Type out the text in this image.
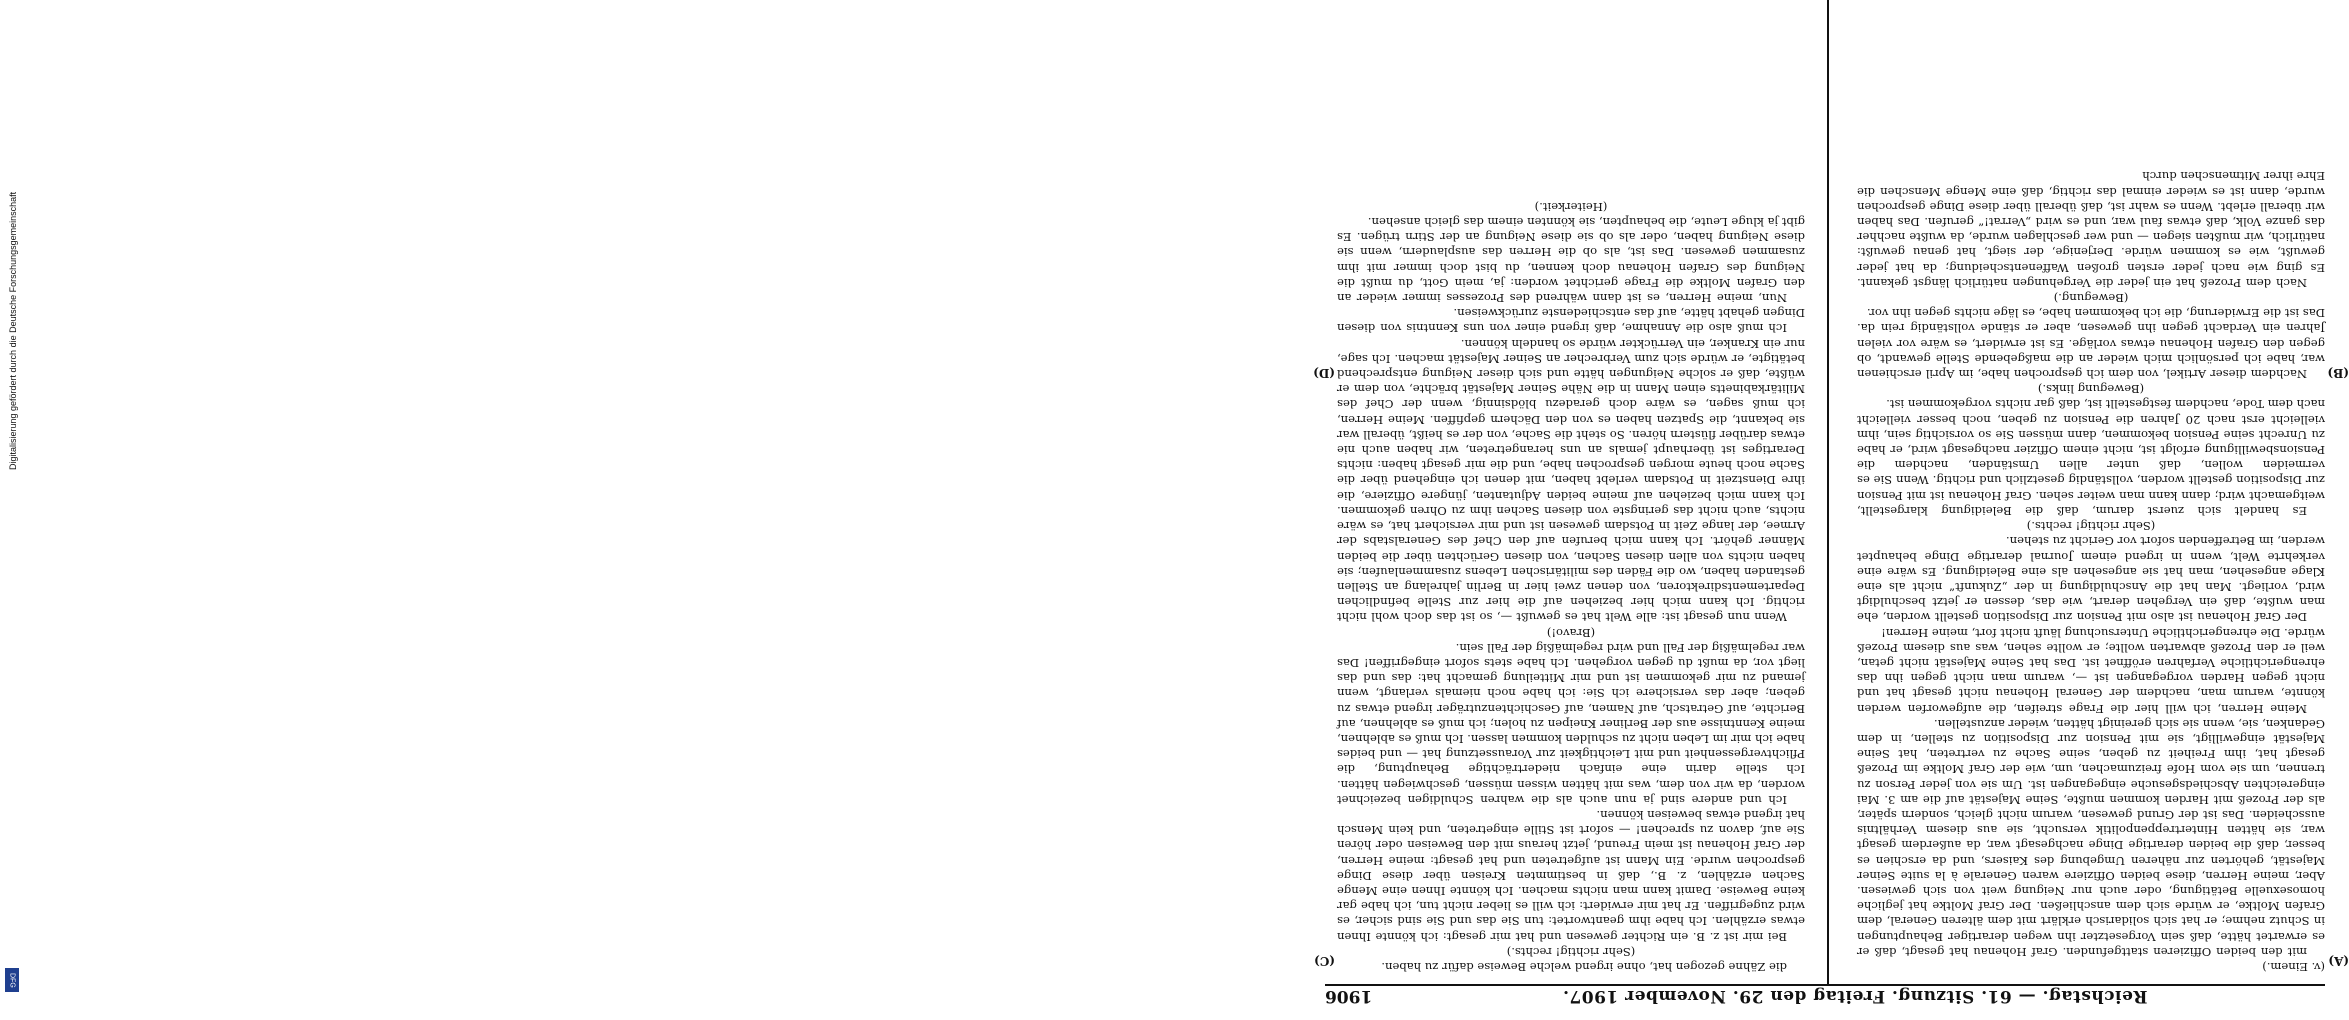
Digitalisierung gefördert durch die Deutsche Forschungsgemeinschaft
DFG
Reichstag. — 61. Sitzung. Freitag den 29. November 1907.
1906
(A)
(B)
(C)
(D)

(v. Einem.)

mit den beiden Offizieren stattgefunden. Graf Hohenau hat gesagt, daß er es erwartet hätte, daß sein Vorgesetzter ihn wegen derartiger Behauptungen in Schutz nehme; er hat sich solidarisch erklärt mit dem älteren General, dem Grafen Moltke, er würde sich dem anschließen. Der Graf Moltke hat jegliche homosexuelle Betätigung, oder auch nur Neigung weit von sich gewiesen. Aber, meine Herren, diese beiden Offiziere waren Generale à la suite Seiner Majestät, gehörten zur näheren Umgebung des Kaisers, und da erschien es besser, daß die beiden derartige Dinge nachgesagt war, da außerdem gesagt war, sie hätten Hintertreppenpolitik versucht, sie aus diesem Verhältnis ausscheiden. Das ist der Grund gewesen, warum nicht gleich, sondern später, als der Prozeß mit Harden kommen mußte, Seine Majestät auf die am 3. Mai eingereichten Abschiedsgesuche eingegangen ist. Um sie von jeder Person zu trennen, um sie vom Hofe freizumachen, um, wie der Graf Moltke im Prozeß gesagt hat, ihm Freiheit zu geben, seine Sache zu vertreten, hat Seine Majestät eingewilligt, sie mit Pension zur Disposition zu stellen, in dem Gedanken, sie, wenn sie sich gereinigt hätten, wieder anzustellen.

Meine Herren, ich will hier die Frage streifen, die aufgeworfen werden könnte, warum man, nachdem der General Hohenau nicht gesagt hat und nicht gegen Harden vorgegangen ist —, warum man nicht gegen ihn das ehrengerichtliche Verfahren eröffnet ist. Das hat Seine Majestät nicht getan, weil er den Prozeß abwarten wollte; er wollte sehen, was aus diesem Prozeß würde. Die ehrengerichtliche Untersuchung läuft nicht fort, meine Herren!

Der Graf Hohenau ist also mit Pension zur Disposition gestellt worden, ehe man wußte, daß ein Vergehen derart, wie das, dessen er jetzt beschuldigt wird, vorliegt. Man hat die Anschuldigung in der „Zukunft“ nicht als eine Klage angesehen, man hat sie angesehen als eine Beleidigung. Es wäre eine verkehrte Welt, wenn in irgend einem Journal derartige Dinge behauptet werden, im Betreffenden sofort vor Gericht zu stehen.

(Sehr richtig! rechts.)

Es handelt sich zuerst darum, daß die Beleidigung klargestellt, weitgemacht wird; dann kann man weiter sehen. Graf Hohenau ist mit Pension zur Disposition gestellt worden, vollständig gesetzlich und richtig. Wenn Sie es vermeiden wollen, daß unter allen Umständen, nachdem die Pensionsbewilligung erfolgt ist, nicht einem Offizier nachgesagt wird, er habe zu Unrecht seine Pension bekommen, dann müssen Sie so vorsichtig sein, ihm vielleicht erst nach 20 Jahren die Pension zu geben, noch besser vielleicht nach dem Tode, nachdem festgestellt ist, daß gar nichts vorgekommen ist.

(Bewegung links.)

Nachdem dieser Artikel, von dem ich gesprochen habe, im April erschienen war, habe ich persönlich mich wieder an die maßgebende Stelle gewandt, ob gegen den Grafen Hohenau etwas vorläge. Es ist erwidert, es wäre vor vielen Jahren ein Verdacht gegen ihn gewesen, aber er stände vollständig rein da. Das ist die Erwiderung, die ich bekommen habe, es läge nichts gegen ihn vor.

(Bewegung.)

Nach dem Prozeß hat ein jeder die Vergehungen natürlich längst gekannt. Es ging wie nach jeder ersten großen Waffenentscheidung; da hat jeder gewußt, wie es kommen würde. Derjenige, der siegt, hat genau gewußt: natürlich, wir mußten siegen — und wer geschlagen wurde, da wußte nachher das ganze Volk, daß etwas faul war, und es wird „Verrat!“ gerufen. Das haben wir überall erlebt. Wenn es wahr ist, daß überall über diese Dinge gesprochen wurde, dann ist es wieder einmal das richtig, daß eine Menge Menschen die Ehre ihrer Mitmenschen durch

die Zähne gezogen hat, ohne irgend welche Beweise dafür zu haben.

(Sehr richtig! rechts.)

Bei mir ist z. B. ein Richter gewesen und hat mir gesagt: ich könnte Ihnen etwas erzählen. Ich habe ihm geantwortet: tun Sie das und Sie sind sicher, es wird zugegriffen. Er hat mir erwidert: ich will es lieber nicht tun, ich habe gar keine Beweise. Damit kann man nichts machen. Ich könnte Ihnen eine Menge Sachen erzählen, z. B., daß in bestimmten Kreisen über diese Dinge gesprochen wurde. Ein Mann ist aufgetreten und hat gesagt: meine Herren, der Graf Hohenau ist mein Freund, jetzt heraus mit den Beweisen oder hören Sie auf, davon zu sprechen! — sofort ist Stille eingetreten, und kein Mensch hat irgend etwas beweisen können.

Ich und andere sind ja nun auch als die wahren Schuldigen bezeichnet worden, da wir von dem, was mit hätten wissen müssen, geschwiegen hätten. Ich stelle darin eine einfach niederträchtige Behauptung, die Pflichtvergessenheit und mit Leichtigkeit zur Voraussetzung hat — und beides habe ich mir im Leben nicht zu schulden kommen lassen. Ich muß es ablehnen, meine Kenntnisse aus der Berliner Kneipen zu holen; ich muß es ablehnen, auf Berichte, auf Getratsch, auf Namen, auf Geschichtenzuträger irgend etwas zu geben; aber das versichere ich Sie: ich habe noch niemals verlangt, wenn jemand zu mir gekommen ist und mir Mitteilung gemacht hat: das und das liegt vor, da mußt du gegen vorgehen. Ich habe stets sofort eingegriffen! Das war regelmäßig der Fall und wird regelmäßig der Fall sein.

(Bravo!)

Wenn nun gesagt ist: alle Welt hat es gewußt —, so ist das doch wohl nicht richtig. Ich kann mich hier beziehen auf die hier zur Stelle befindlichen Departementsdirektoren, von denen zwei hier in Berlin jahrelang an Stellen gestanden haben, wo die Fäden des militärischen Lebens zusammenlaufen; sie haben nichts von allen diesen Sachen, von diesen Gerüchten über die beiden Männer gehört. Ich kann mich berufen auf den Chef des Generalstabs der Armee, der lange Zeit in Potsdam gewesen ist und mir versichert hat, es wäre nichts, auch nicht das geringste von diesen Sachen ihm zu Ohren gekommen. Ich kann mich beziehen auf meine beiden Adjutanten, jüngere Offiziere, die ihre Dienstzeit in Potsdam verlebt haben, mit denen ich eingehend über die Sache noch heute morgen gesprochen habe, und die mir gesagt haben: nichts Derartiges ist überhaupt jemals an uns herangetreten, wir haben auch nie etwas darüber flüstern hören. So steht die Sache, von der es heißt, überall war sie bekannt, die Spatzen haben es von den Dächern gepfiffen. Meine Herren, ich muß sagen, es wäre doch geradezu blödsinnig, wenn der Chef des Militärkabinetts einen Mann in die Nähe Seiner Majestät brächte, von dem er wüßte, daß er solche Neigungen hätte und sich dieser Neigung entsprechend betätigte, er würde sich zum Verbrecher an Seiner Majestät machen. Ich sage, nur ein Kranker, ein Verrückter würde so handeln können.

Ich muß also die Annahme, daß irgend einer von uns Kenntnis von diesen Dingen gehabt hätte, auf das entschiedenste zurückweisen.

Nun, meine Herren, es ist dann während des Prozesses immer wieder an den Grafen Moltke die Frage gerichtet worden: ja, mein Gott, du mußt die Neigung des Grafen Hohenau doch kennen, du bist doch immer mit ihm zusammen gewesen. Das ist, als ob die Herren das ausplaudern, wenn sie diese Neigung haben, oder als ob sie diese Neigung an der Stirn trügen. Es gibt ja kluge Leute, die behaupten, sie könnten einem das gleich ansehen.

(Heiterkeit.)
